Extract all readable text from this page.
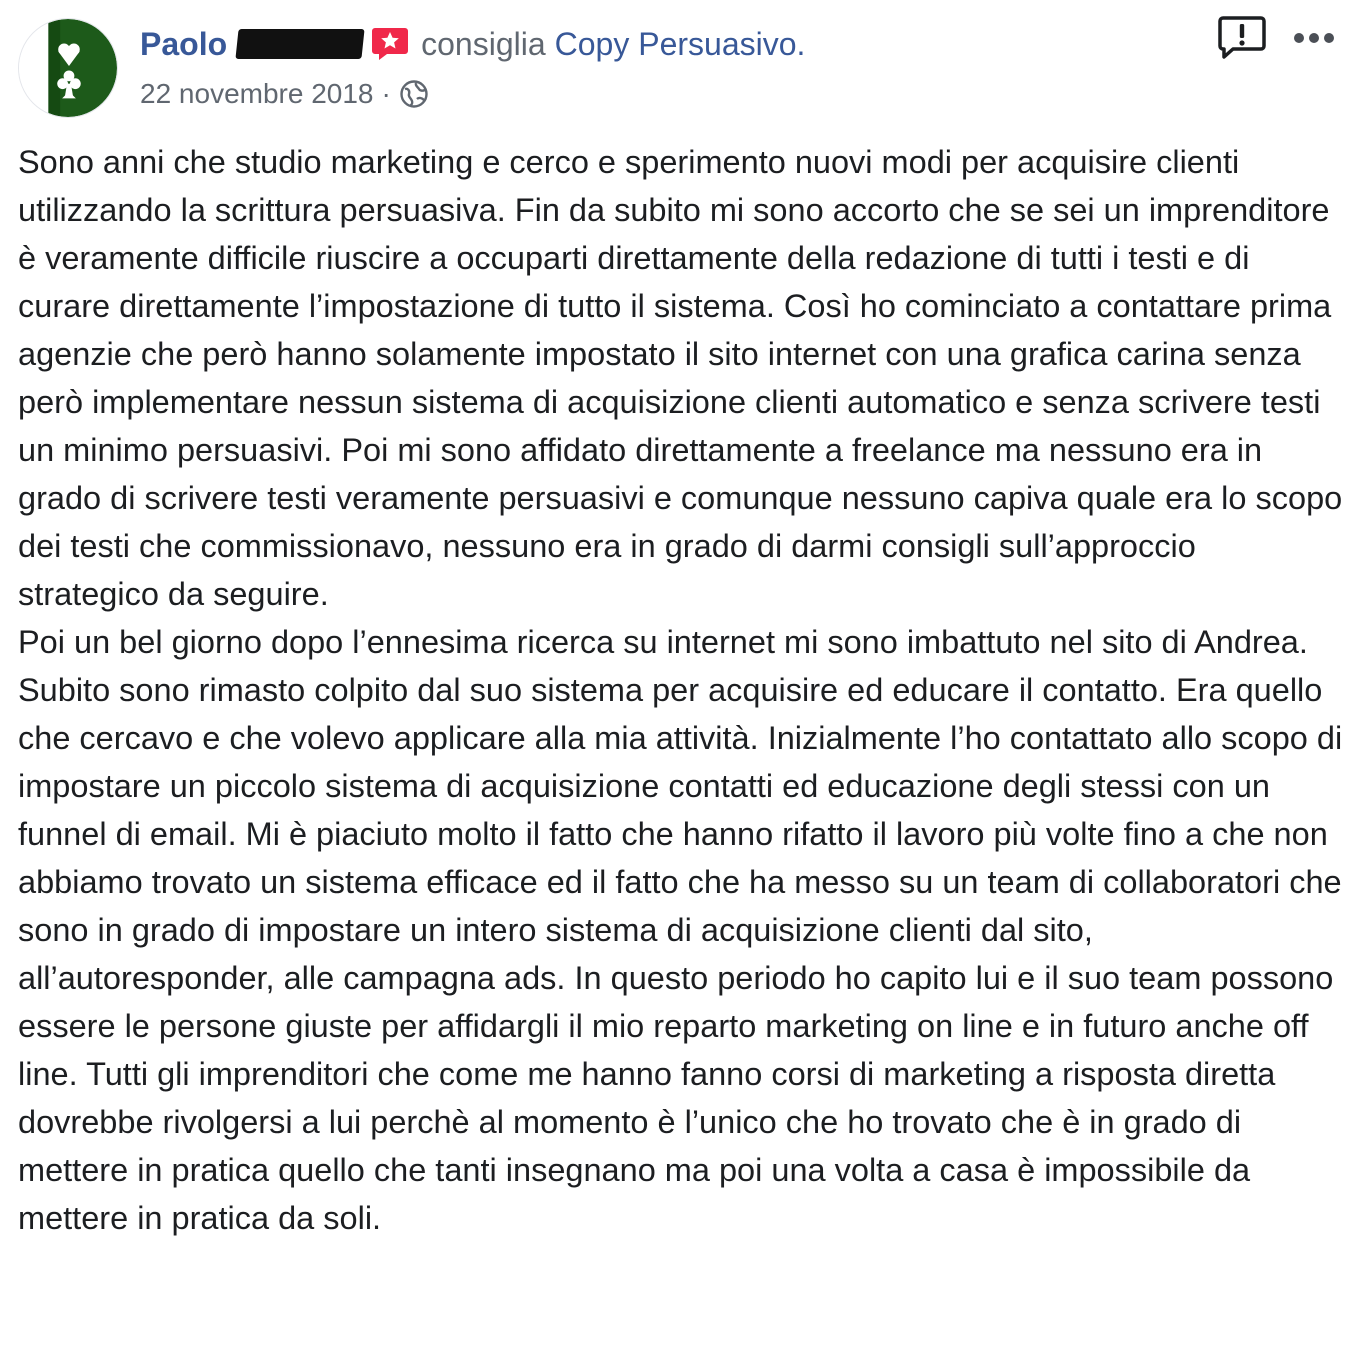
Paolo	consiglia Copy Persuasivo.
22 novembre 2018 ·

Sono anni che studio marketing e cerco e sperimento nuovi modi per acquisire clienti utilizzando la scrittura persuasiva. Fin da subito mi sono accorto che se sei un imprenditore è veramente difficile riuscire a occuparti direttamente della redazione di tutti i testi e di curare direttamente l’impostazione di tutto il sistema. Così ho cominciato a contattare prima agenzie che però hanno solamente impostato il sito internet con una grafica carina senza però implementare nessun sistema di acquisizione clienti automatico e senza scrivere testi un minimo persuasivi. Poi mi sono affidato direttamente a freelance ma nessuno era in grado di scrivere testi veramente persuasivi e comunque nessuno capiva quale era lo scopo dei testi che commissionavo, nessuno era in grado di darmi consigli sull’approccio strategico da seguire.

Poi un bel giorno dopo l’ennesima ricerca su internet mi sono imbattuto nel sito di Andrea. Subito sono rimasto colpito dal suo sistema per acquisire ed educare il contatto. Era quello che cercavo e che volevo applicare alla mia attività. Inizialmente l’ho contattato allo scopo di impostare un piccolo sistema di acquisizione contatti ed educazione degli stessi con un funnel di email. Mi è piaciuto molto il fatto che hanno rifatto il lavoro più volte fino a che non abbiamo trovato un sistema efficace ed il fatto che ha messo su un team di collaboratori che sono in grado di impostare un intero sistema di acquisizione clienti dal sito, all’autoresponder, alle campagna ads. In questo periodo ho capito lui e il suo team possono essere le persone giuste per affidargli il mio reparto marketing on line e in futuro anche off line. Tutti gli imprenditori che come me hanno fanno corsi di marketing a risposta diretta dovrebbe rivolgersi a lui perchè al momento è l’unico che ho trovato che è in grado di mettere in pratica quello che tanti insegnano ma poi una volta a casa è impossibile da mettere in pratica da soli.
